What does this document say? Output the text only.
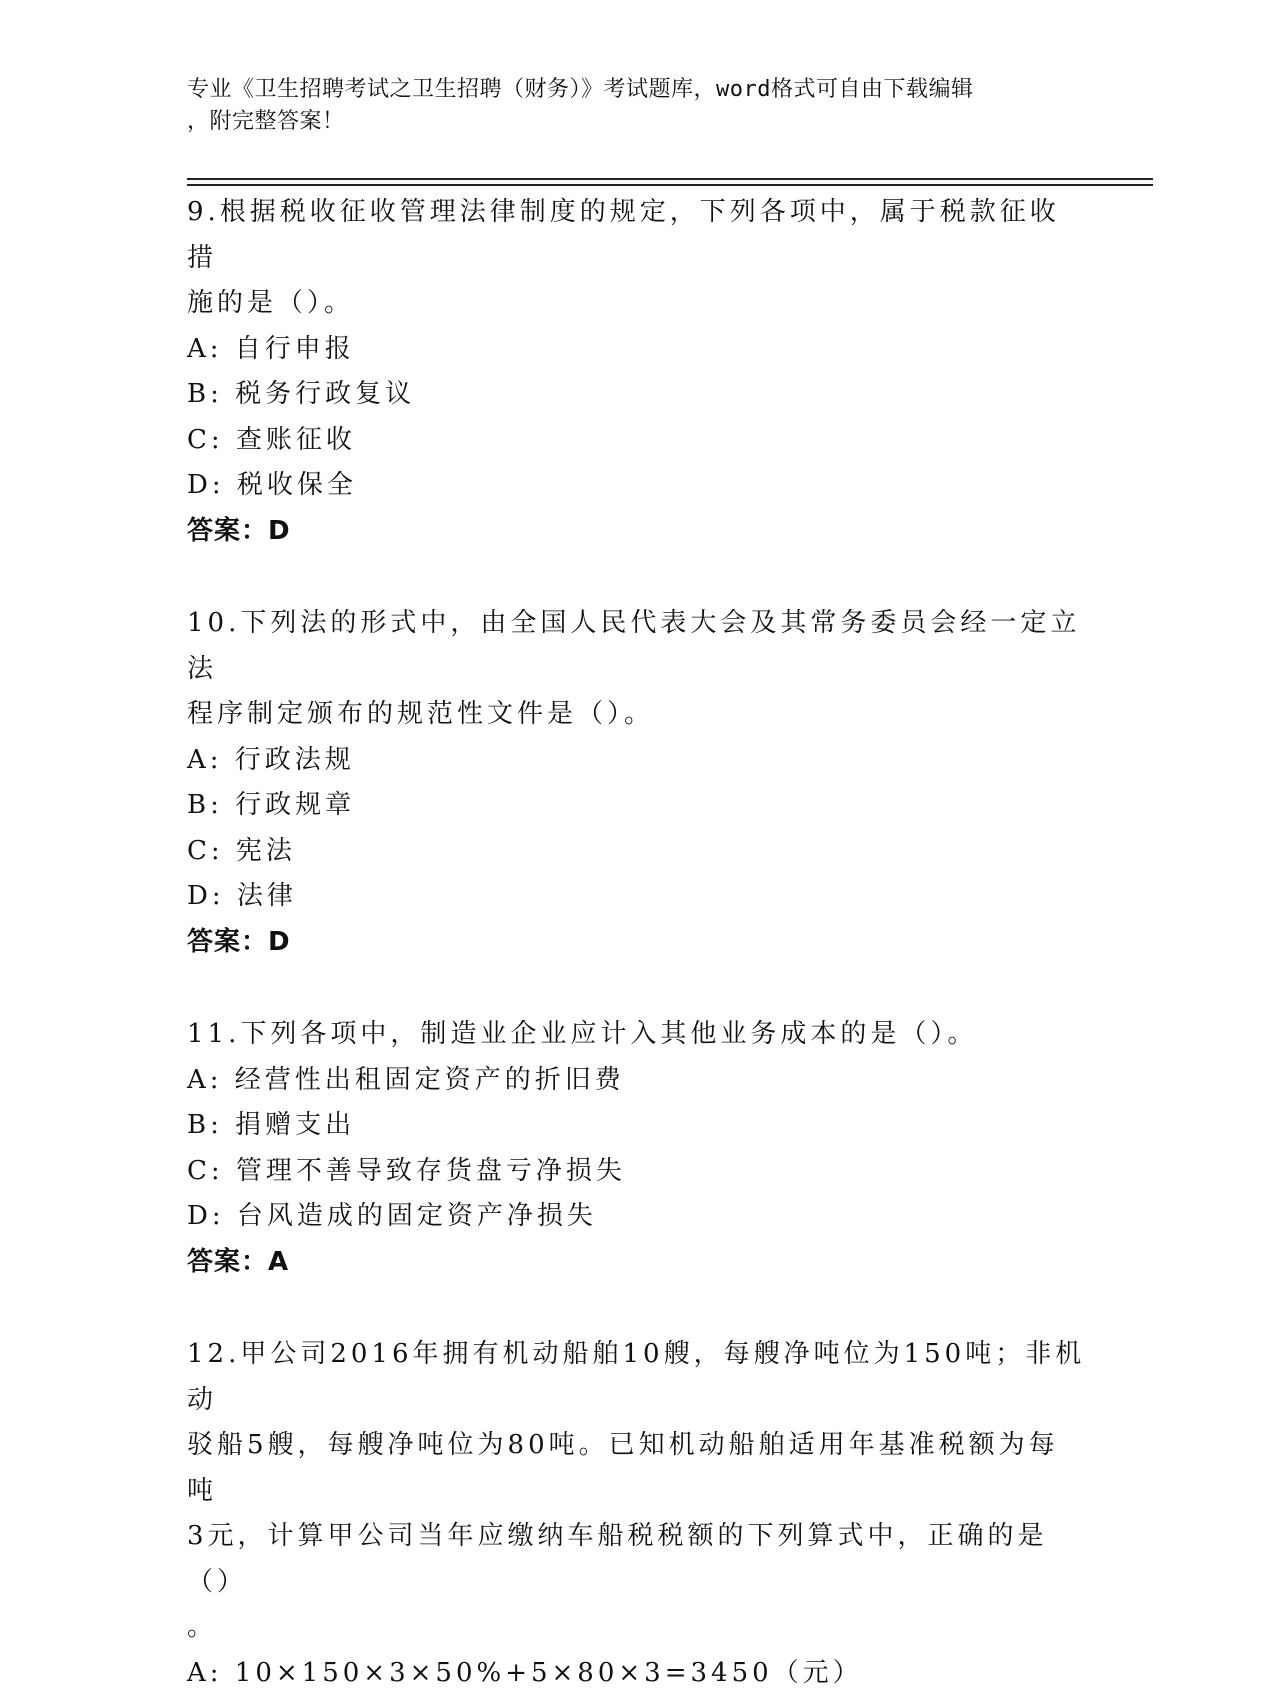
专业《卫生招聘考试之卫生招聘（财务）》考试题库，word格式可自由下载编辑
，附完整答案！

9.根据税收征收管理法律制度的规定，下列各项中，属于税款征收措

施的是（）。

A: 自行申报

B: 税务行政复议

C: 查账征收

D: 税收保全

答案：D

10.下列法的形式中，由全国人民代表大会及其常务委员会经一定立法

程序制定颁布的规范性文件是（）。

A: 行政法规

B: 行政规章

C: 宪法

D: 法律

答案：D

11.下列各项中，制造业企业应计入其他业务成本的是（）。

A: 经营性出租固定资产的折旧费

B: 捐赠支出

C: 管理不善导致存货盘亏净损失

D: 台风造成的固定资产净损失

答案：A

12.甲公司2016年拥有机动船舶10艘，每艘净吨位为150吨；非机动

驳船5艘，每艘净吨位为80吨。已知机动船舶适用年基准税额为每吨

3元，计算甲公司当年应缴纳车船税税额的下列算式中，正确的是（）

。

A: 10×150×3×50%+5×80×3=3450（元）
